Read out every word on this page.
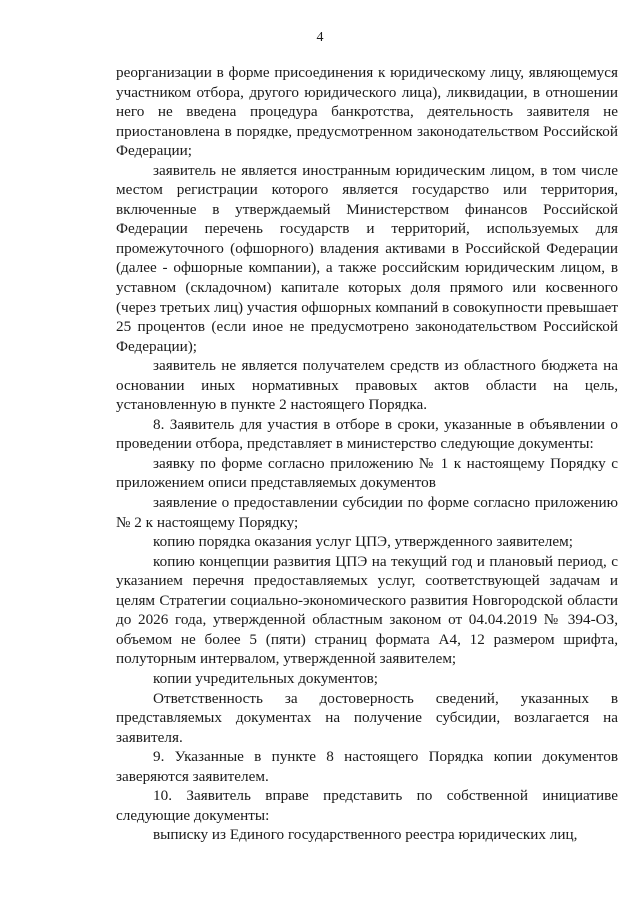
4

реорганизации в форме присоединения к юридическому лицу, являющемуся участником отбора, другого юридического лица), ликвидации, в отношении него не введена процедура банкротства, деятельность заявителя не приостановлена в порядке, предусмотренном законодательством Российской Федерации;

заявитель не является иностранным юридическим лицом, в том числе местом регистрации которого является государство или территория, включенные в утверждаемый Министерством финансов Российской Федерации перечень государств и территорий, используемых для промежуточного (офшорного) владения активами в Российской Федерации (далее - офшорные компании), а также российским юридическим лицом, в уставном (складочном) капитале которых доля прямого или косвенного (через третьих лиц) участия офшорных компаний в совокупности превышает 25 процентов (если иное не предусмотрено законодательством Российской Федерации);

заявитель не является получателем средств из областного бюджета на основании иных нормативных правовых актов области на цель, установленную в пункте 2 настоящего Порядка.

8. Заявитель для участия в отборе в сроки, указанные в объявлении о проведении отбора, представляет в министерство следующие документы:

заявку по форме согласно приложению № 1 к настоящему Порядку с приложением описи представляемых документов

заявление о предоставлении субсидии по форме согласно приложению № 2 к настоящему Порядку;

копию порядка оказания услуг ЦПЭ, утвержденного заявителем;

копию концепции развития ЦПЭ на текущий год и плановый период, с указанием перечня предоставляемых услуг, соответствующей задачам и целям Стратегии социально-экономического развития Новгородской области до 2026 года, утвержденной областным законом от 04.04.2019 № 394-ОЗ, объемом не более 5 (пяти) страниц формата А4, 12 размером шрифта, полуторным интервалом, утвержденной заявителем;

копии учредительных документов;

Ответственность за достоверность сведений, указанных в представляемых документах на получение субсидии, возлагается на заявителя.

9. Указанные в пункте 8 настоящего Порядка копии документов заверяются заявителем.

10. Заявитель вправе представить по собственной инициативе следующие документы:

выписку из Единого государственного реестра юридических лиц,
